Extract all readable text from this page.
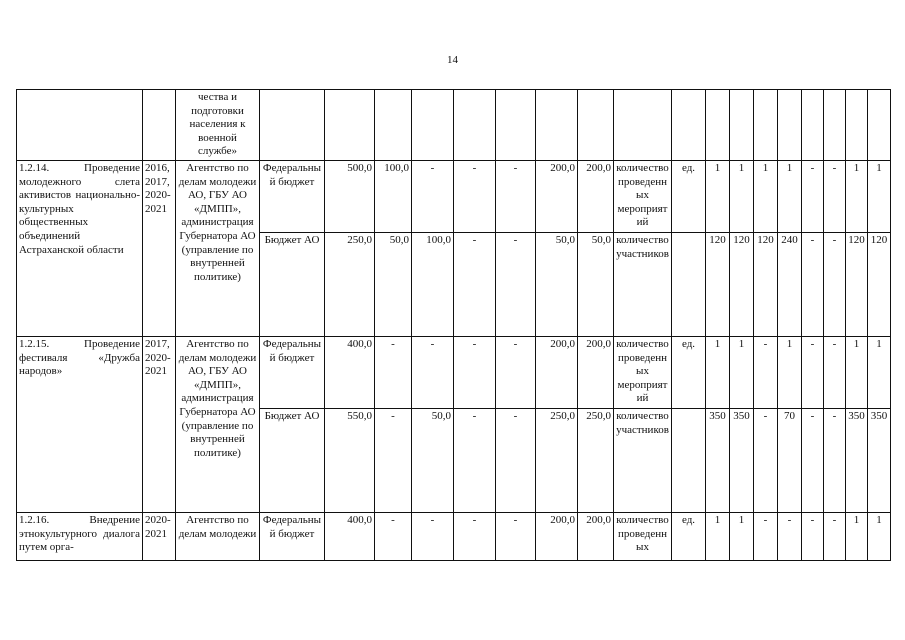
14
		чества и подготовки населения к военной службе»																		
1.2.14. Проведение молодежного слета активистов национально-культурных общественных объединений Астраханской области	2016, 2017, 2020-2021	Агентство по делам молодежи АО, ГБУ АО «ДМПП», администрация Губернатора АО (управление по внутренней политике)	Федеральный бюджет	500,0	100,0	-	-	-	200,0	200,0	количество проведенных мероприятий	ед.	1	1	1	1	-	-	1	1
			Бюджет АО	250,0	50,0	100,0	-	-	50,0	50,0	количество участников		120	120	120	240	-	-	120	120
1.2.15. Проведение фестиваля «Дружба народов»	2017, 2020-2021	Агентство по делам молодежи АО, ГБУ АО «ДМПП», администрация Губернатора АО (управление по внутренней политике)	Федеральный бюджет	400,0	-	-	-	-	200,0	200,0	количество проведенных мероприятий	ед.	1	1	-	1	-	-	1	1
			Бюджет АО	550,0	-	50,0	-	-	250,0	250,0	количество участников		350	350	-	70	-	-	350	350
1.2.16. Внедрение этнокультурного диалога путем орга-	2020-2021	Агентство по делам молодежи	Федеральный бюджет	400,0	-	-	-	-	200,0	200,0	количество проведенных	ед.	1	1	-	-	-	-	1	1
